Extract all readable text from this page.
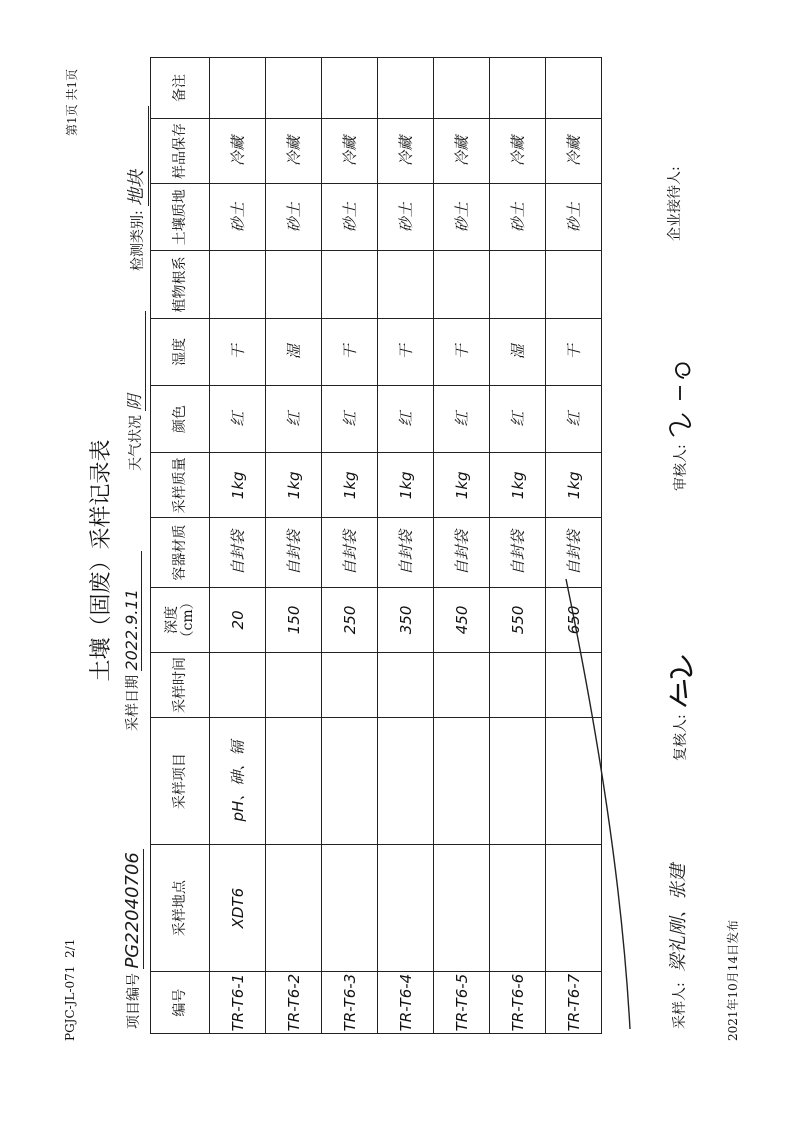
PGJC-JL-071  2/1
第1页 共1页
土壤（固废）采样记录表
项目编号 PG22040706
采样日期 2022.9.11
天气状况 阴
检测类别: 地块
编号	采样地点	采样项目	采样时间	深度（cm）	容器材质	采样质量	颜色	湿度	植物根系	土壤质地	样品保存	备注
TR-T6-1	XDT6	pH、砷、镉		20	自封袋	1kg	红	干		砂土	冷藏	
TR-T6-2				150	自封袋	1kg	红	湿		砂土	冷藏	
TR-T6-3				250	自封袋	1kg	红	干		砂土	冷藏	
TR-T6-4				350	自封袋	1kg	红	干		砂土	冷藏	
TR-T6-5				450	自封袋	1kg	红	干		砂土	冷藏	
TR-T6-6				550	自封袋	1kg	红	湿		砂土	冷藏	
TR-T6-7				650	自封袋	1kg	红	干		砂土	冷藏	
采样人: 梁礼刚、张建
复核人:
审核人:
企业接待人:
2021年10月14日发布
